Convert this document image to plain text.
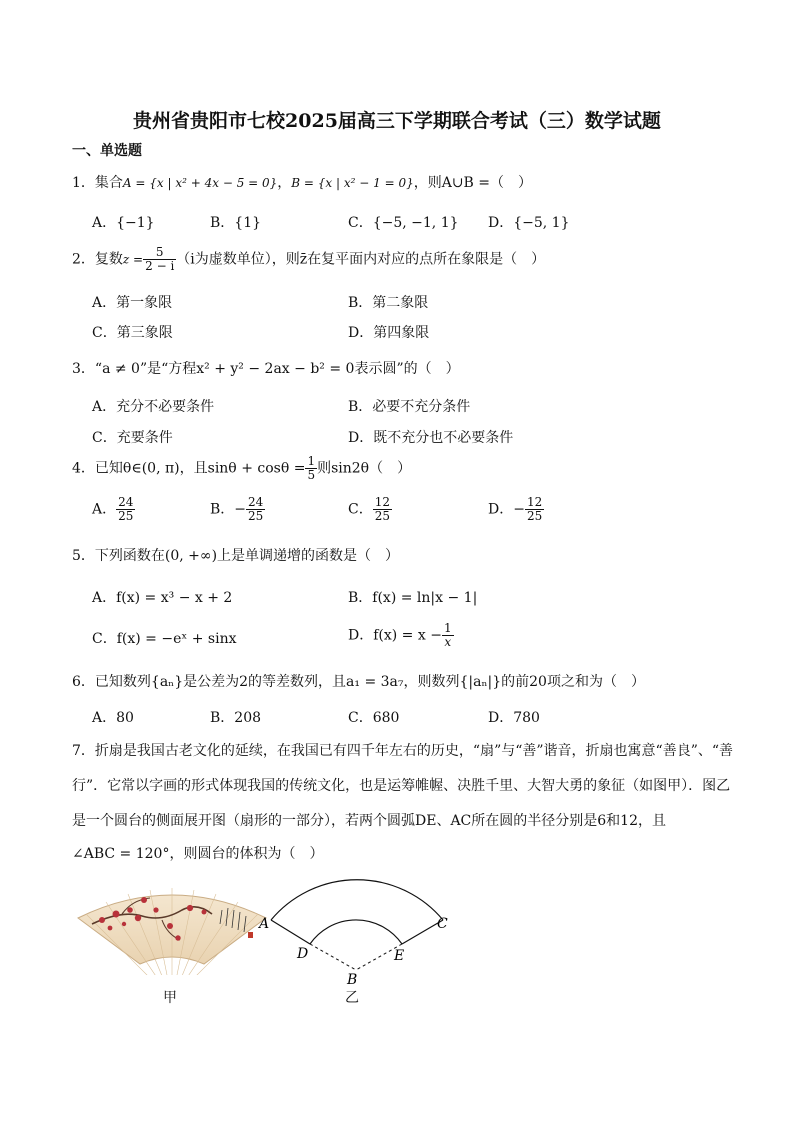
贵州省贵阳市七校2025届高三下学期联合考试（三）数学试题
一、单选题
1．集合A = {x | x² + 4x − 5 = 0}，B = {x | x² − 1 = 0}，则A∪B =（　）
A．{−1}	B．{1}	C．{−5, −1, 1} D．{−5, 1}
2．复数$z = \frac{5}{2 - i} (i$为虚数单位），则z̄在复平面内对应的点所在象限是（　）
A．第一象限	B．第二象限
C．第三象限	D．第四象限
3．“a ≠ 0”是“方程x² + y² − 2ax − b² = 0表示圆”的（　）
A．充分不必要条件	B．必要不充分条件
C．充要条件	D．既不充分也不必要条件
4．已知θ∈(0, π)，且$\sin\theta + \cos\theta = \frac{1}{5}$ 则sin2θ（　）
A． $\frac{24}{25}$	B．− $\frac{24}{25}$	C． $\frac{12}{25}$	D．− $\frac{12}{25}$
5．下列函数在(0, +∞)上是单调递增的函数是（　）
A．f(x) = x³ − x + 2	B．f(x) = ln|x − 1|
C．f(x) = −eˣ + sinx	D．$f(x) = x - \frac{1}{x}$
6．已知数列{aₙ}是公差为2的等差数列，且a₁ = 3a₇，则数列{|aₙ|}的前20项之和为（　）
A．80	B．208	C．680	D．780
7．折扇是我国古老文化的延续，在我国已有四千年左右的历史，“扇”与“善”谐音，折扇也寓意“善良”、“善
行”．它常以字画的形式体现我国的传统文化，也是运筹帷幄、决胜千里、大智大勇的象征（如图甲）．图乙
是一个圆台的侧面展开图（扇形的一部分），若两个圆弧DE、AC所在圆的半径分别是6和12，且
∠ABC = 120°，则圆台的体积为（　）
甲
A	C
D	E
B
乙
